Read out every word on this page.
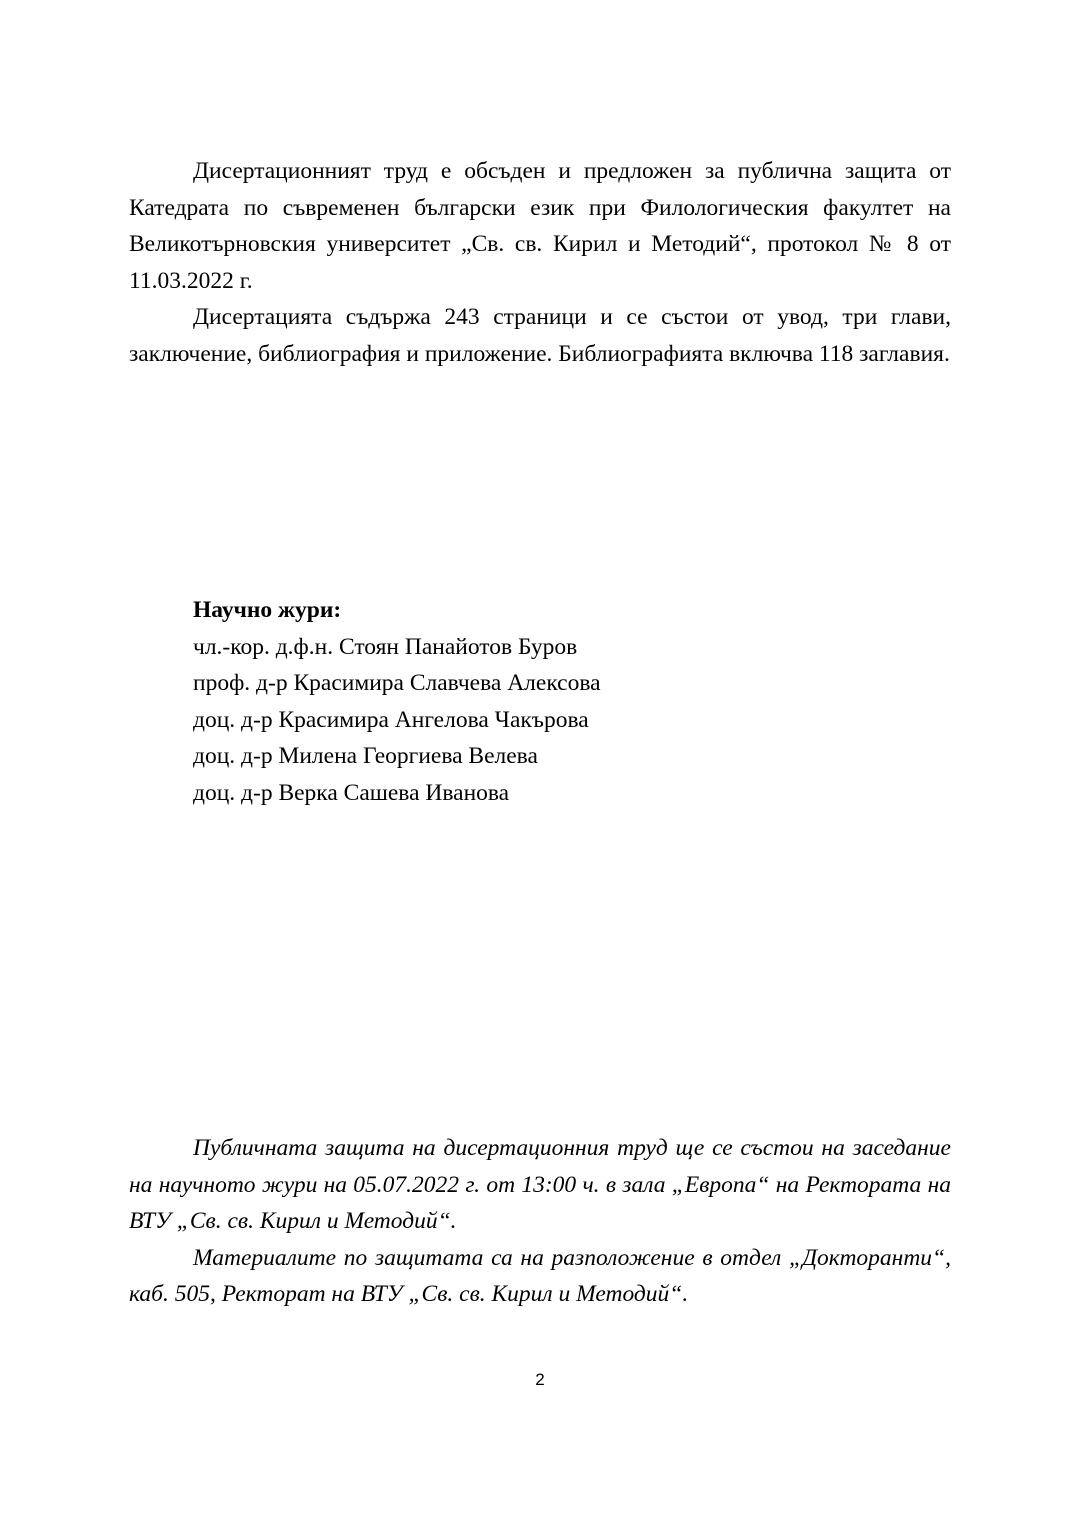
Дисертационният труд е обсъден и предложен за публична защита от Катедрата по съвременен български език при Филологическия факултет на Великотърновския университет „Св. св. Кирил и Методий“, протокол № 8 от 11.03.2022 г.

Дисертацията съдържа 243 страници и се състои от увод, три глави, заключение, библиография и приложение. Библиографията включва 118 заглавия.

Научно жури:
чл.-кор. д.ф.н. Стоян Панайотов Буров
проф. д-р Красимира Славчева Алексова
доц. д-р Красимира Ангелова Чакърова
доц. д-р Милена Георгиева Велева
доц. д-р Верка Сашева Иванова

Публичната защита на дисертационния труд ще се състои на заседание на научното жури на 05.07.2022 г. от 13:00 ч. в зала „Европа“ на Ректората на ВТУ „Св. св. Кирил и Методий“.

Материалите по защитата са на разположение в отдел „Докторанти“, каб. 505, Ректорат на ВТУ „Св. св. Кирил и Методий“.

2
